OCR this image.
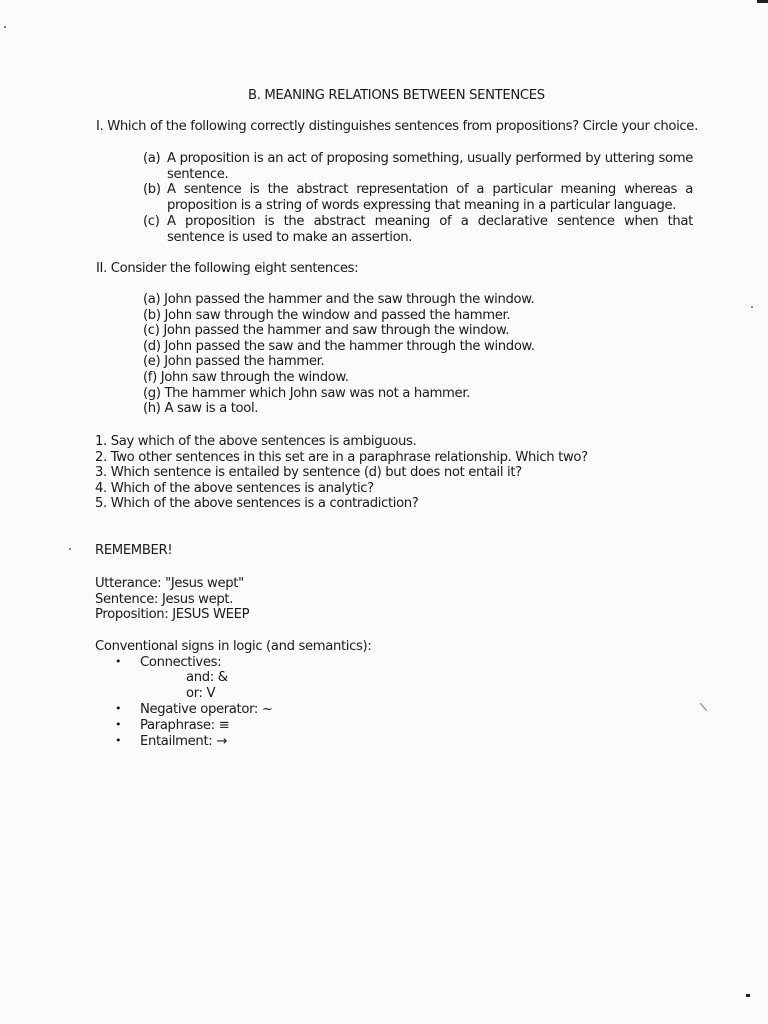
B. MEANING RELATIONS BETWEEN SENTENCES
I. Which of the following correctly distinguishes sentences from propositions? Circle your choice.
(a) A proposition is an act of proposing something, usually performed by uttering some sentence.
(b) A sentence is the abstract representation of a particular meaning whereas a proposition is a string of words expressing that meaning in a particular language.
(c) A proposition is the abstract meaning of a declarative sentence when that sentence is used to make an assertion.
II. Consider the following eight sentences:
(a) John passed the hammer and the saw through the window.
(b) John saw through the window and passed the hammer.
(c) John passed the hammer and saw through the window.
(d) John passed the saw and the hammer through the window.
(e) John passed the hammer.
(f) John saw through the window.
(g) The hammer which John saw was not a hammer.
(h) A saw is a tool.
1. Say which of the above sentences is ambiguous.
2. Two other sentences in this set are in a paraphrase relationship. Which two?
3. Which sentence is entailed by sentence (d) but does not entail it?
4. Which of the above sentences is analytic?
5. Which of the above sentences is a contradiction?
REMEMBER!
Utterance: "Jesus wept"
Sentence: Jesus wept.
Proposition: JESUS WEEP
Conventional signs in logic (and semantics):
• Connectives:
and: &
or: V
• Negative operator: ~
• Paraphrase: ≡
• Entailment: →
